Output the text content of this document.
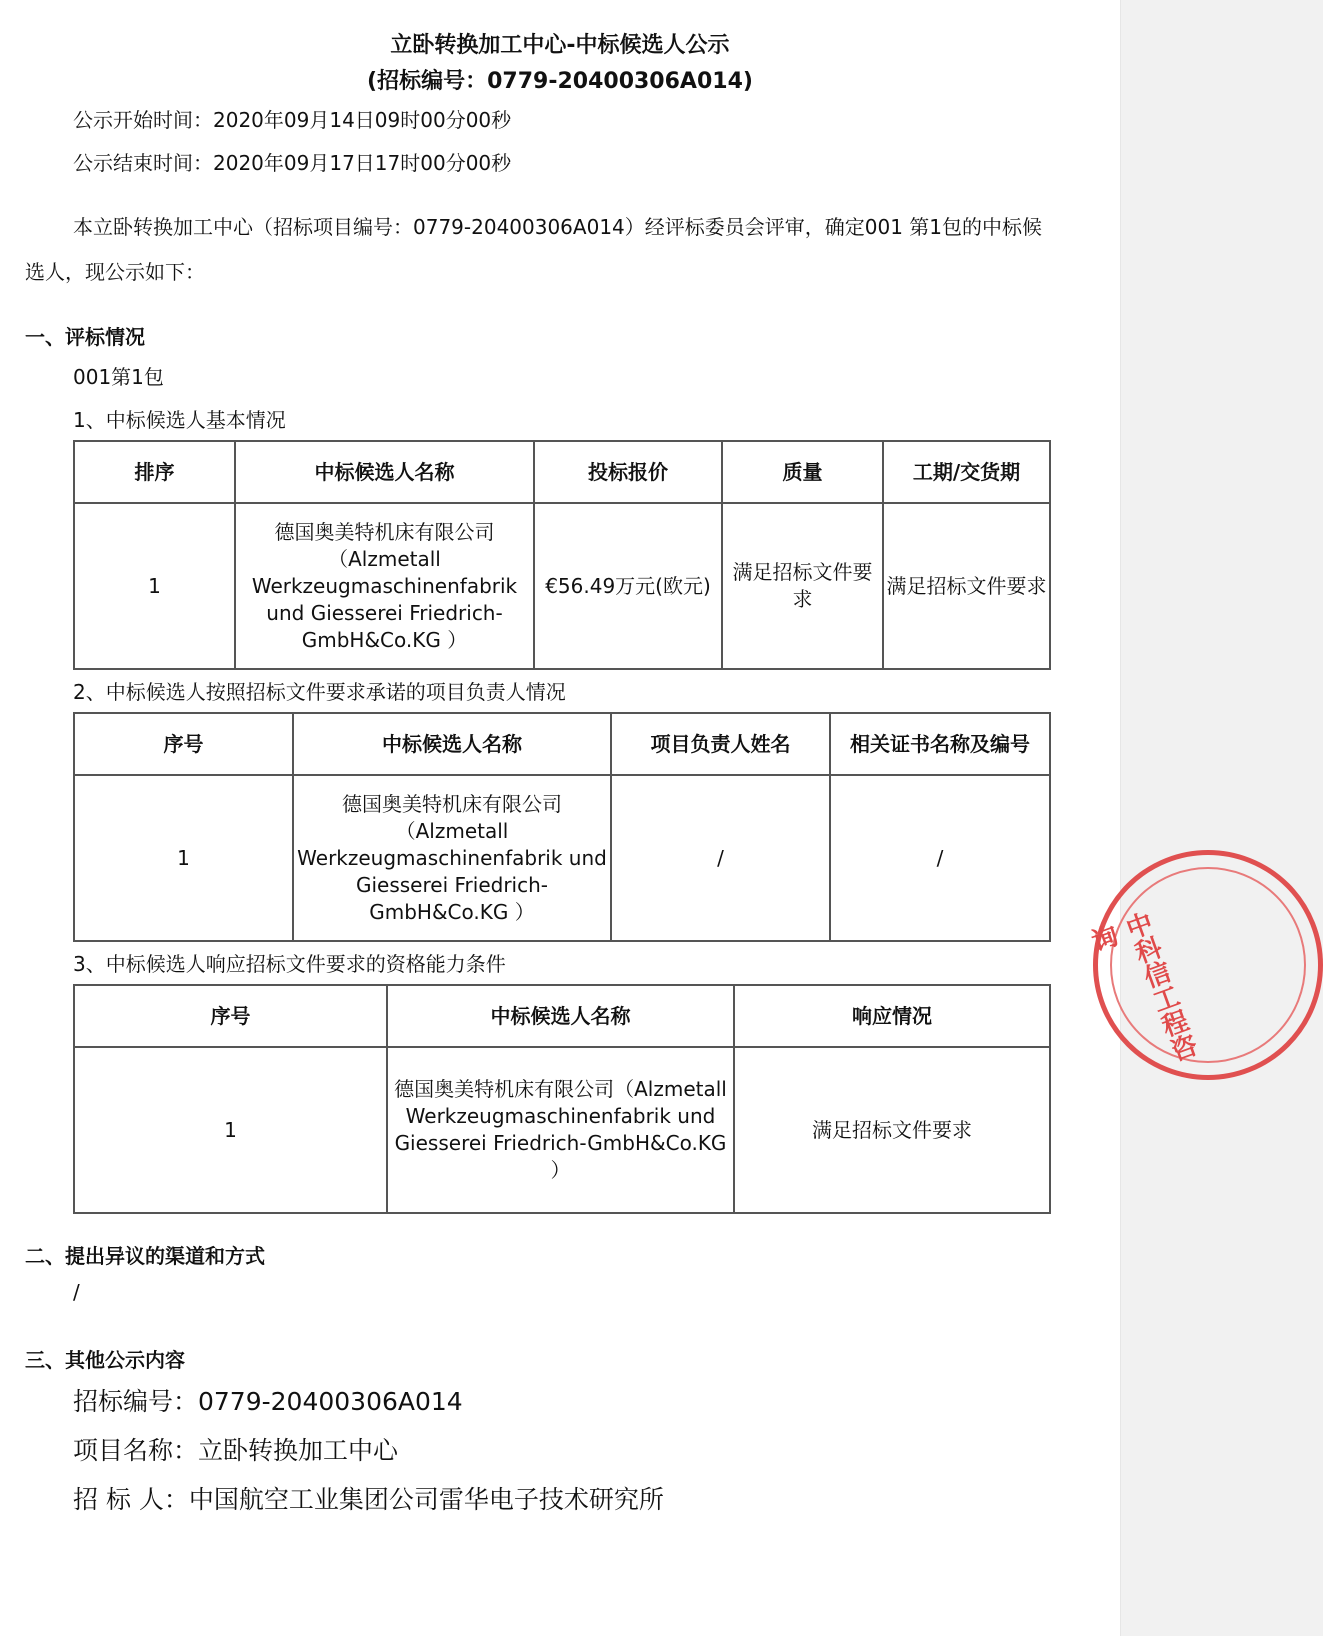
立卧转换加工中心-中标候选人公示
(招标编号：0779-20400306A014)
公示开始时间：2020年09月14日09时00分00秒
公示结束时间：2020年09月17日17时00分00秒
本立卧转换加工中心（招标项目编号：0779-20400306A014）经评标委员会评审，确定001 第1包的中标候选人，现公示如下：
一、评标情况
001第1包
1、中标候选人基本情况
排序	中标候选人名称	投标报价	质量	工期/交货期
1	德国奥美特机床有限公司（Alzmetall Werkzeugmaschinenfabrik und Giesserei Friedrich-GmbH&Co.KG ）	€56.49万元(欧元)	满足招标文件要求	满足招标文件要求
2、中标候选人按照招标文件要求承诺的项目负责人情况
序号	中标候选人名称	项目负责人姓名	相关证书名称及编号
1	德国奥美特机床有限公司（Alzmetall Werkzeugmaschinenfabrik und Giesserei Friedrich-GmbH&Co.KG ）	/	/
3、中标候选人响应招标文件要求的资格能力条件
序号	中标候选人名称	响应情况
1	德国奥美特机床有限公司（Alzmetall Werkzeugmaschinenfabrik und Giesserei Friedrich-GmbH&Co.KG ）	满足招标文件要求
二、提出异议的渠道和方式
/
三、其他公示内容
招标编号：0779-20400306A014
项目名称：立卧转换加工中心
招 标 人：中国航空工业集团公司雷华电子技术研究所
中科信工程咨询
